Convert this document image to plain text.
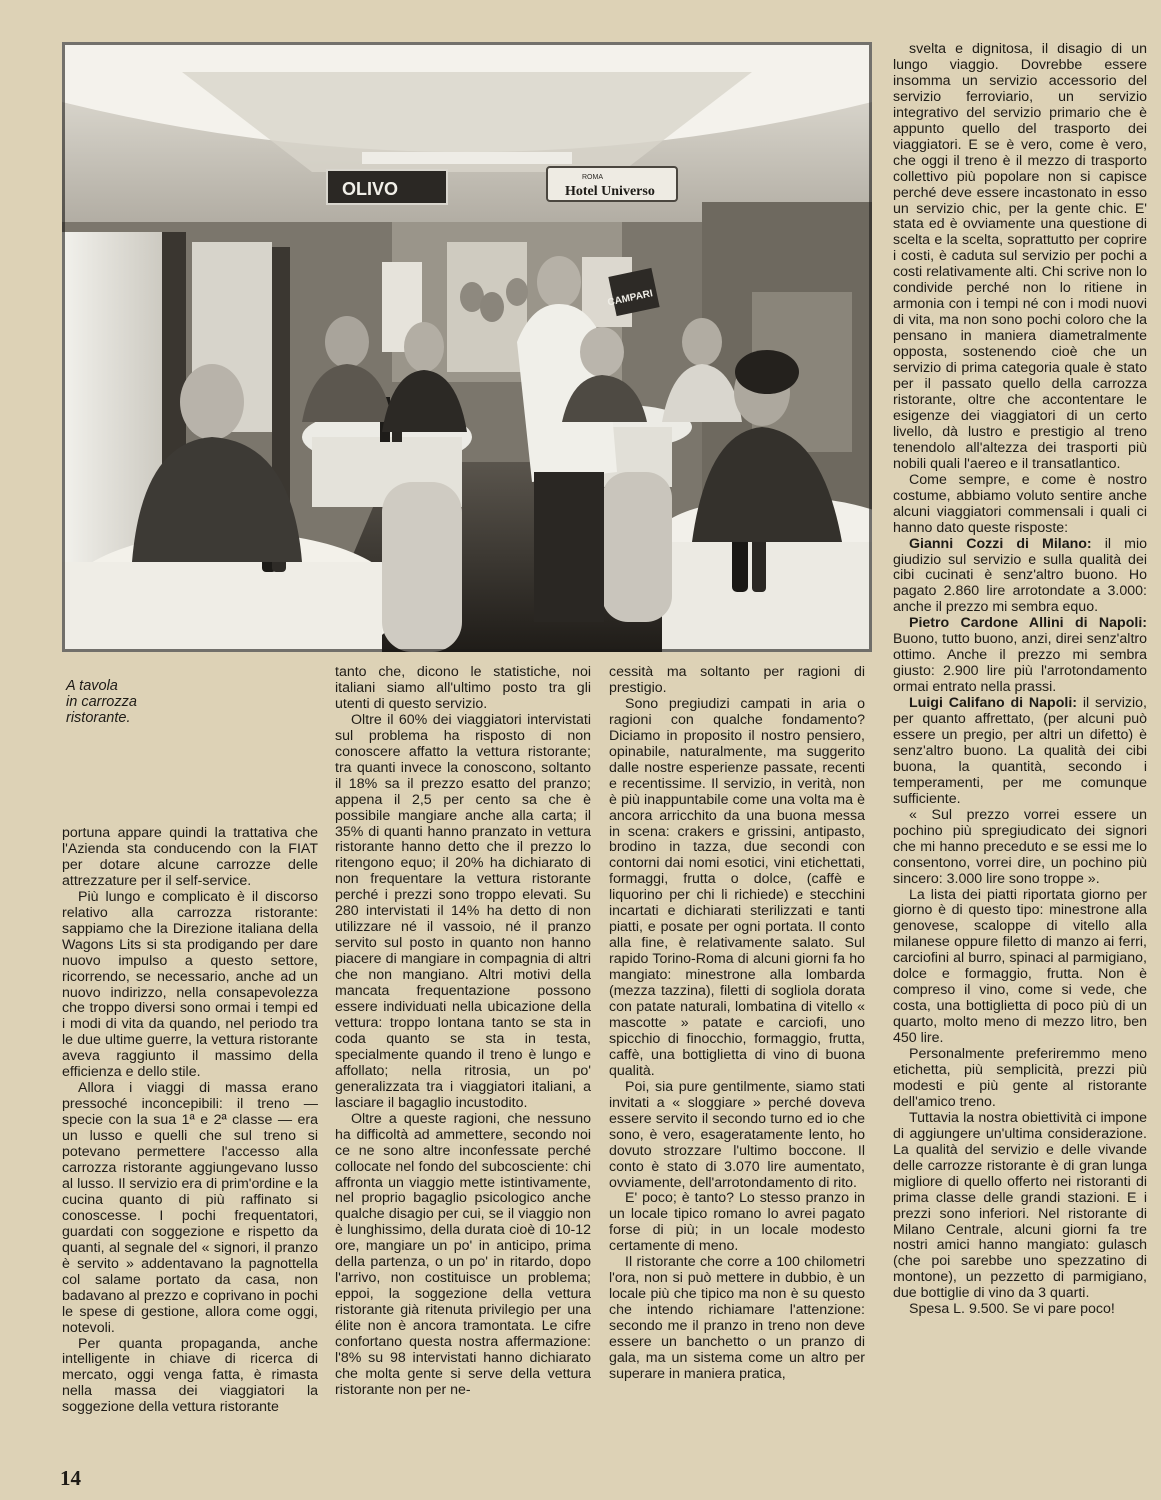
OLIVO
ROMA
Hotel Universo
CAMPARI
A tavola
in carrozza
ristorante.

portuna appare quindi la trattativa che l'Azienda sta conducendo con la FIAT per dotare alcune carrozze delle attrezzature per il self-service.

Più lungo e complicato è il discorso relativo alla carrozza ristorante: sappiamo che la Direzione italiana della Wagons Lits si sta prodigando per dare nuovo impulso a questo settore, ricorrendo, se necessario, anche ad un nuovo indirizzo, nella consapevolezza che troppo diversi sono ormai i tempi ed i modi di vita da quando, nel periodo tra le due ultime guerre, la vettura ristorante aveva raggiunto il massimo della efficienza e dello stile.

Allora i viaggi di massa erano pressoché inconcepibili: il treno — specie con la sua 1ª e 2ª classe — era un lusso e quelli che sul treno si potevano permettere l'accesso alla carrozza ristorante aggiungevano lusso al lusso. Il servizio era di prim'ordine e la cucina quanto di più raffinato si conoscesse. I pochi frequentatori, guardati con soggezione e rispetto da quanti, al segnale del « signori, il pranzo è servito » addentavano la pagnottella col salame portato da casa, non badavano al prezzo e coprivano in pochi le spese di gestione, allora come oggi, notevoli.

Per quanta propaganda, anche intelligente in chiave di ricerca di mercato, oggi venga fatta, è rimasta nella massa dei viaggiatori la soggezione della vettura ristorante

tanto che, dicono le statistiche, noi italiani siamo all'ultimo posto tra gli utenti di questo servizio.

Oltre il 60% dei viaggiatori intervistati sul problema ha risposto di non conoscere affatto la vettura ristorante; tra quanti invece la conoscono, soltanto il 18% sa il prezzo esatto del pranzo; appena il 2,5 per cento sa che è possibile mangiare anche alla carta; il 35% di quanti hanno pranzato in vettura ristorante hanno detto che il prezzo lo ritengono equo; il 20% ha dichiarato di non frequentare la vettura ristorante perché i prezzi sono troppo elevati. Su 280 intervistati il 14% ha detto di non utilizzare né il vassoio, né il pranzo servito sul posto in quanto non hanno piacere di mangiare in compagnia di altri che non mangiano. Altri motivi della mancata frequentazione possono essere individuati nella ubicazione della vettura: troppo lontana tanto se sta in coda quanto se sta in testa, specialmente quando il treno è lungo e affollato; nella ritrosia, un po' generalizzata tra i viaggiatori italiani, a lasciare il bagaglio incustodito.

Oltre a queste ragioni, che nessuno ha difficoltà ad ammettere, secondo noi ce ne sono altre inconfessate perché collocate nel fondo del subcosciente: chi affronta un viaggio mette istintivamente, nel proprio bagaglio psicologico anche qualche disagio per cui, se il viaggio non è lunghissimo, della durata cioè di 10-12 ore, mangiare un po' in anticipo, prima della partenza, o un po' in ritardo, dopo l'arrivo, non costituisce un problema; eppoi, la soggezione della vettura ristorante già ritenuta privilegio per una élite non è ancora tramontata. Le cifre confortano questa nostra affermazione: l'8% su 98 intervistati hanno dichiarato che molta gente si serve della vettura ristorante non per ne-

cessità ma soltanto per ragioni di prestigio.

Sono pregiudizi campati in aria o ragioni con qualche fondamento? Diciamo in proposito il nostro pensiero, opinabile, naturalmente, ma suggerito dalle nostre esperienze passate, recenti e recentissime. Il servizio, in verità, non è più inappuntabile come una volta ma è ancora arricchito da una buona messa in scena: crakers e grissini, antipasto, brodino in tazza, due secondi con contorni dai nomi esotici, vini etichettati, formaggi, frutta o dolce, (caffè e liquorino per chi li richiede) e stecchini incartati e dichiarati sterilizzati e tanti piatti, e posate per ogni portata. Il conto alla fine, è relativamente salato. Sul rapido Torino-Roma di alcuni giorni fa ho mangiato: minestrone alla lombarda (mezza tazzina), filetti di sogliola dorata con patate naturali, lombatina di vitello « mascotte » patate e carciofi, uno spicchio di finocchio, formaggio, frutta, caffè, una bottiglietta di vino di buona qualità.

Poi, sia pure gentilmente, siamo stati invitati a « sloggiare » perché doveva essere servito il secondo turno ed io che sono, è vero, esageratamente lento, ho dovuto strozzare l'ultimo boccone. Il conto è stato di 3.070 lire aumentato, ovviamente, dell'arrotondamento di rito.

E' poco; è tanto? Lo stesso pranzo in un locale tipico romano lo avrei pagato forse di più; in un locale modesto certamente di meno.

Il ristorante che corre a 100 chilometri l'ora, non si può mettere in dubbio, è un locale più che tipico ma non è su questo che intendo richiamare l'attenzione: secondo me il pranzo in treno non deve essere un banchetto o un pranzo di gala, ma un sistema come un altro per superare in maniera pratica,

svelta e dignitosa, il disagio di un lungo viaggio. Dovrebbe essere insomma un servizio accessorio del servizio ferroviario, un servizio integrativo del servizio primario che è appunto quello del trasporto dei viaggiatori. E se è vero, come è vero, che oggi il treno è il mezzo di trasporto collettivo più popolare non si capisce perché deve essere incastonato in esso un servizio chic, per la gente chic. E' stata ed è ovviamente una questione di scelta e la scelta, soprattutto per coprire i costi, è caduta sul servizio per pochi a costi relativamente alti. Chi scrive non lo condivide perché non lo ritiene in armonia con i tempi né con i modi nuovi di vita, ma non sono pochi coloro che la pensano in maniera diametralmente opposta, sostenendo cioè che un servizio di prima categoria quale è stato per il passato quello della carrozza ristorante, oltre che accontentare le esigenze dei viaggiatori di un certo livello, dà lustro e prestigio al treno tenendolo all'altezza dei trasporti più nobili quali l'aereo e il transatlantico.

Come sempre, e come è nostro costume, abbiamo voluto sentire anche alcuni viaggiatori commensali i quali ci hanno dato queste risposte:

Gianni Cozzi di Milano: il mio giudizio sul servizio e sulla qualità dei cibi cucinati è senz'altro buono. Ho pagato 2.860 lire arrotondate a 3.000: anche il prezzo mi sembra equo.

Pietro Cardone Allini di Napoli: Buono, tutto buono, anzi, direi senz'altro ottimo. Anche il prezzo mi sembra giusto: 2.900 lire più l'arrotondamento ormai entrato nella prassi.

Luigi Califano di Napoli: il servizio, per quanto affrettato, (per alcuni può essere un pregio, per altri un difetto) è senz'altro buono. La qualità dei cibi buona, la quantità, secondo i temperamenti, per me comunque sufficiente.

« Sul prezzo vorrei essere un pochino più spregiudicato dei signori che mi hanno preceduto e se essi me lo consentono, vorrei dire, un pochino più sincero: 3.000 lire sono troppe ».

La lista dei piatti riportata giorno per giorno è di questo tipo: minestrone alla genovese, scaloppe di vitello alla milanese oppure filetto di manzo ai ferri, carciofini al burro, spinaci al parmigiano, dolce e formaggio, frutta. Non è compreso il vino, come si vede, che costa, una bottiglietta di poco più di un quarto, molto meno di mezzo litro, ben 450 lire.

Personalmente preferiremmo meno etichetta, più semplicità, prezzi più modesti e più gente al ristorante dell'amico treno.

Tuttavia la nostra obiettività ci impone di aggiungere un'ultima considerazione. La qualità del servizio e delle vivande delle carrozze ristorante è di gran lunga migliore di quello offerto nei ristoranti di prima classe delle grandi stazioni. E i prezzi sono inferiori. Nel ristorante di Milano Centrale, alcuni giorni fa tre nostri amici hanno mangiato: gulasch (che poi sarebbe uno spezzatino di montone), un pezzetto di parmigiano, due bottiglie di vino da 3 quarti.

Spesa L. 9.500. Se vi pare poco!

14
